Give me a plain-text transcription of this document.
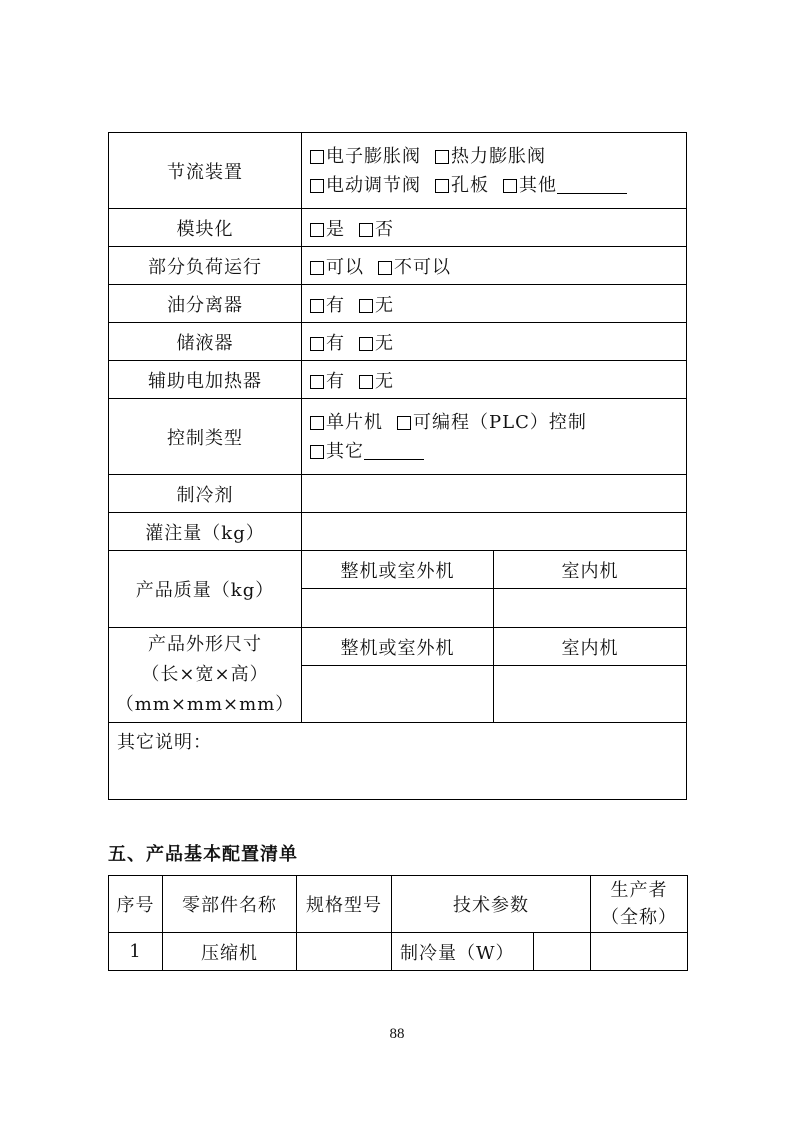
节流装置	电子膨胀阀 热力膨胀阀
电动调节阀 孔板 其他	

模块化	是 否	
部分负荷运行	可以 不可以	
油分离器	有 无	
储液器	有 无	
辅助电加热器	有 无	
控制类型	单片机 可编程（PLC）控制
其它	

制冷剂		
灌注量（kg）		
产品质量（kg）	整机或室外机	室内机

产品外形尺寸
（长×宽×高）
（mm×mm×mm）	整机或室外机	室内机

其它说明：		
五、产品基本配置清单
序号	零部件名称	规格型号	技术参数		生产者
（全称）

1	压缩机		制冷量（W）		
88
